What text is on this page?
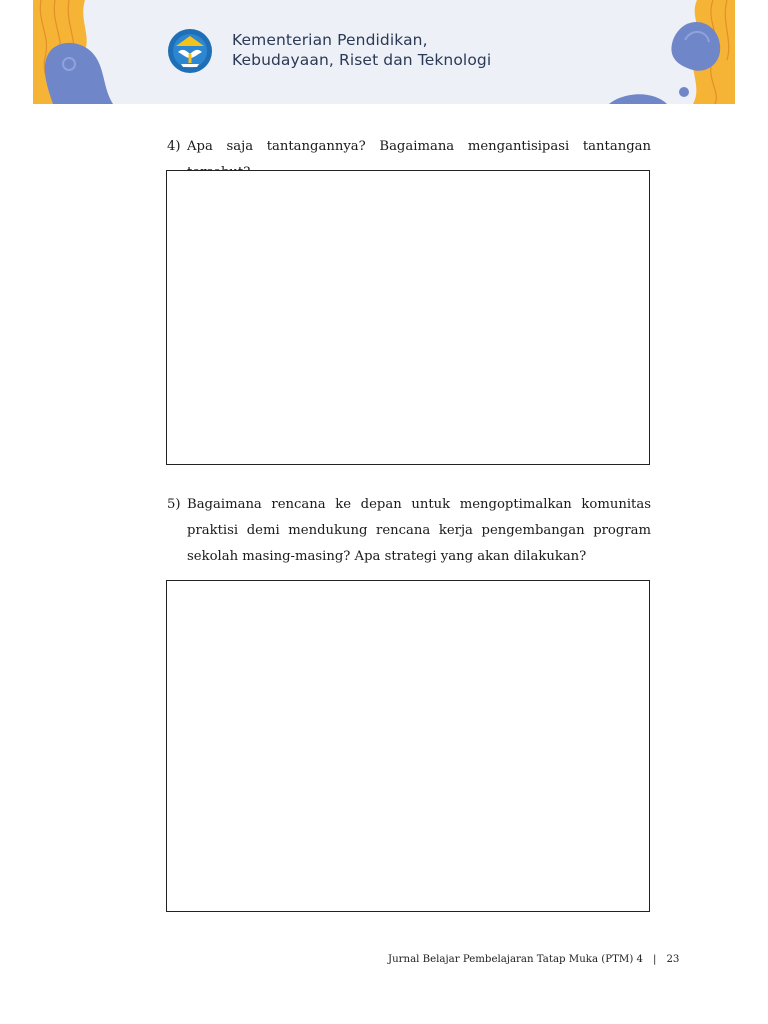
Kementerian Pendidikan,
Kebudayaan, Riset dan Teknologi
4) Apa saja tantangannya? Bagaimana mengantisipasi tantangan
5) Bagaimana rencana ke depan untuk mengoptimalkan komunitas praktisi demi mendukung rencana kerja pengembangan program sekolah masing-masing? Apa strategi yang akan dilakukan?
Jurnal Belajar Pembelajaran Tatap Muka (PTM) 4 | 23
